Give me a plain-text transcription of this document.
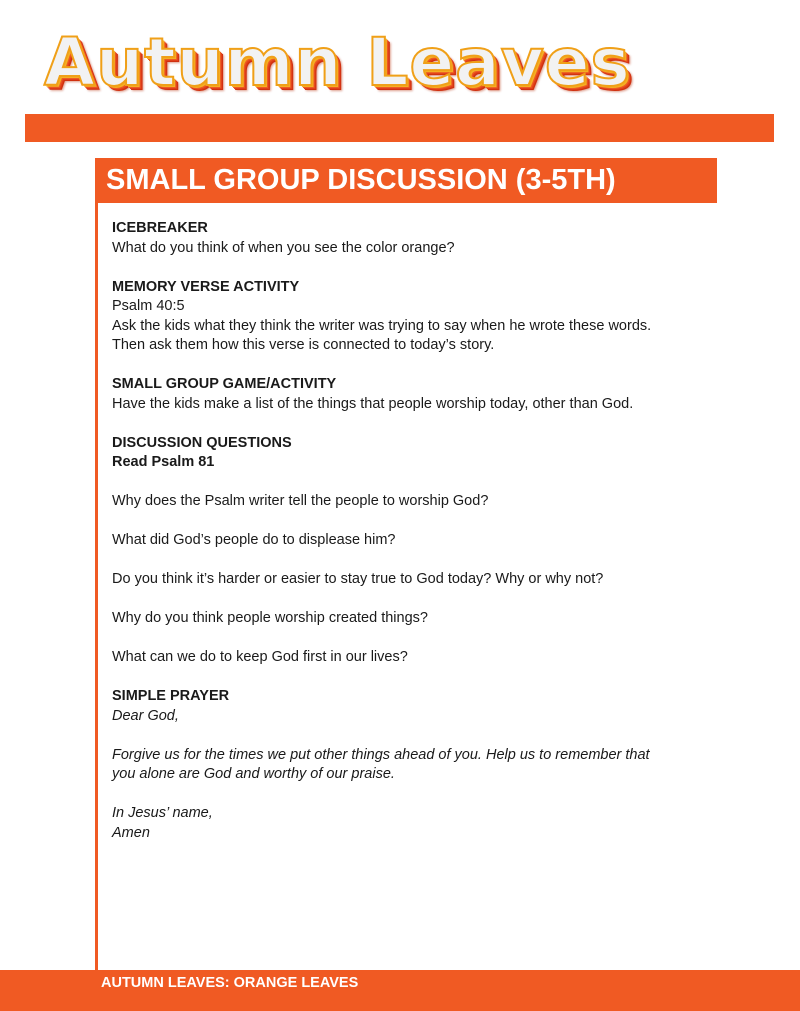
Autumn Leaves
SMALL GROUP DISCUSSION (3-5TH)

ICEBREAKER

What do you think of when you see the color orange?

MEMORY VERSE ACTIVITY

Psalm 40:5

Ask the kids what they think the writer was trying to say when he wrote these words.

Then ask them how this verse is connected to today’s story.

SMALL GROUP GAME/ACTIVITY

Have the kids make a list of the things that people worship today, other than God.

DISCUSSION QUESTIONS

Read Psalm 81

Why does the Psalm writer tell the people to worship God?

What did God’s people do to displease him?

Do you think it’s harder or easier to stay true to God today? Why or why not?

Why do you think people worship created things?

What can we do to keep God first in our lives?

SIMPLE PRAYER

Dear God,

Forgive us for the times we put other things ahead of you. Help us to remember that

you alone are God and worthy of our praise.

In Jesus’ name,

Amen

AUTUMN LEAVES: ORANGE LEAVES
